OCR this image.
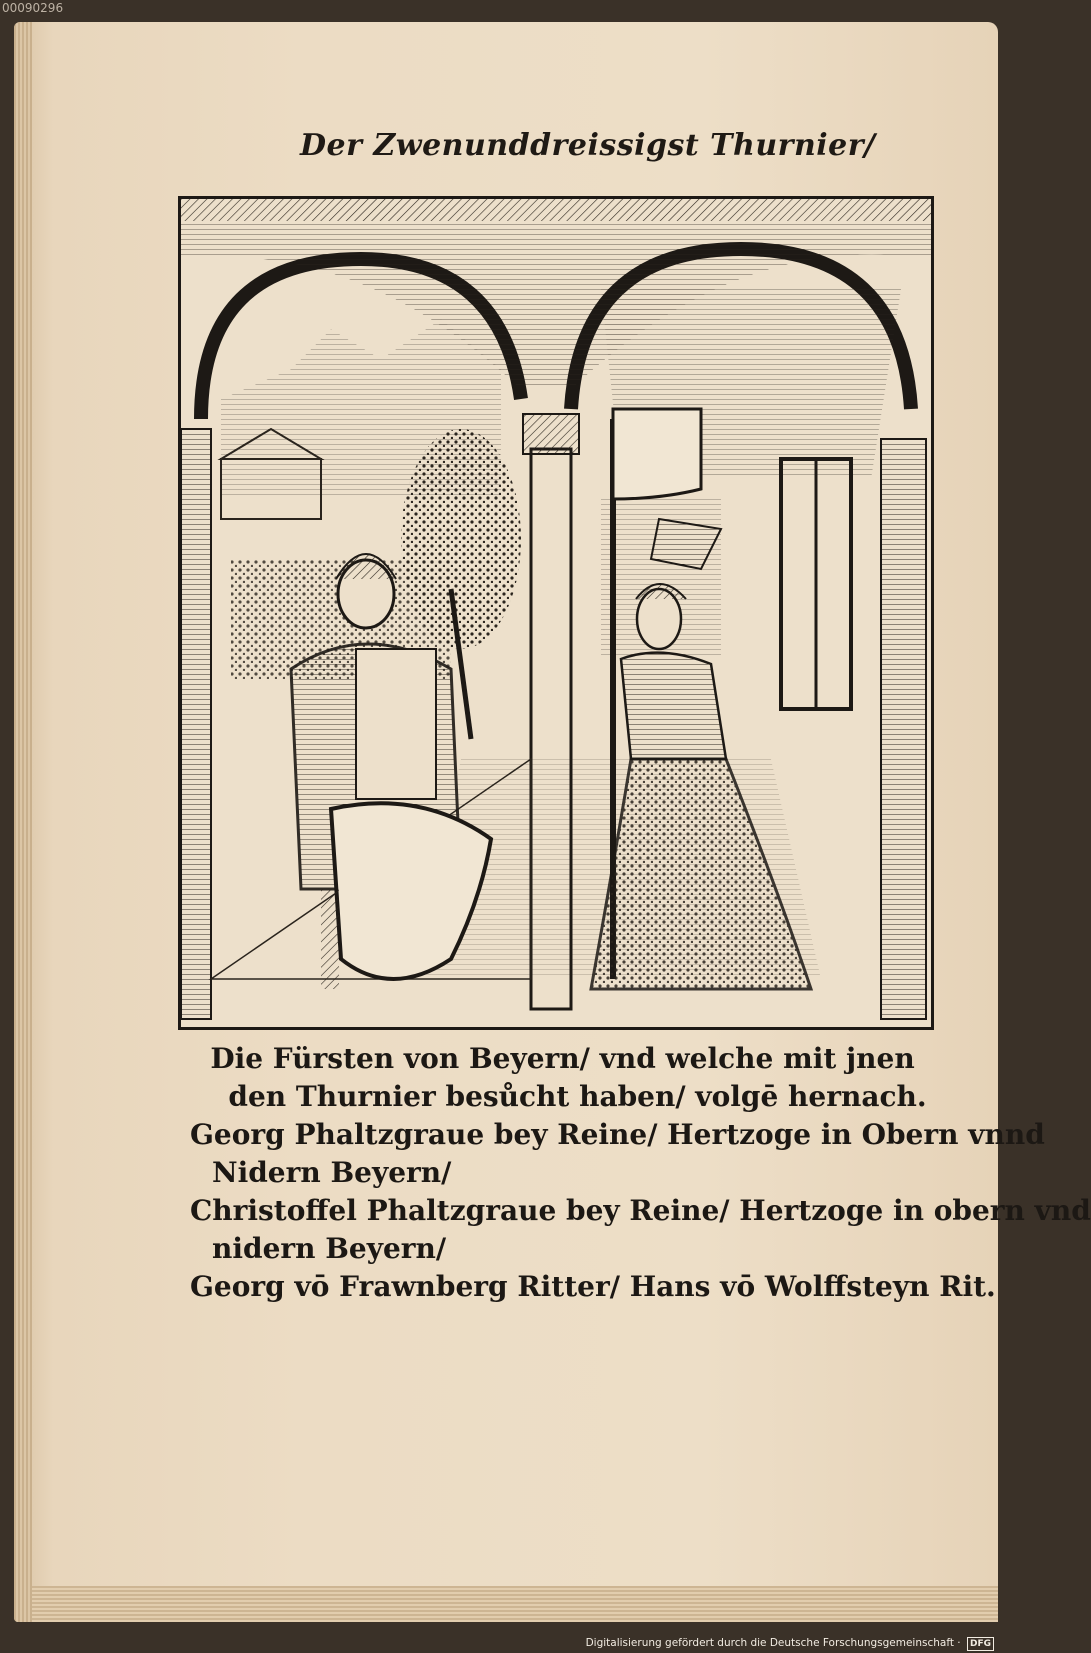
00090296
Der Zwenunddreissigst Thurnier/
Die Fürsten von Beyern/ vnd welche mit jnen
den Thurnier besůcht haben/ volgē hernach.
Georg Phaltzgraue bey Reine/ Hertzoge in Obern vnnd
Nidern Beyern/
Christoffel Phaltzgraue bey Reine/ Hertzoge in obern vnd
nidern Beyern/
Georg vō Frawnberg Ritter/ Hans vō Wolffsteyn Rit.
Digitalisierung gefördert durch die Deutsche Forschungsgemeinschaft · DFG
